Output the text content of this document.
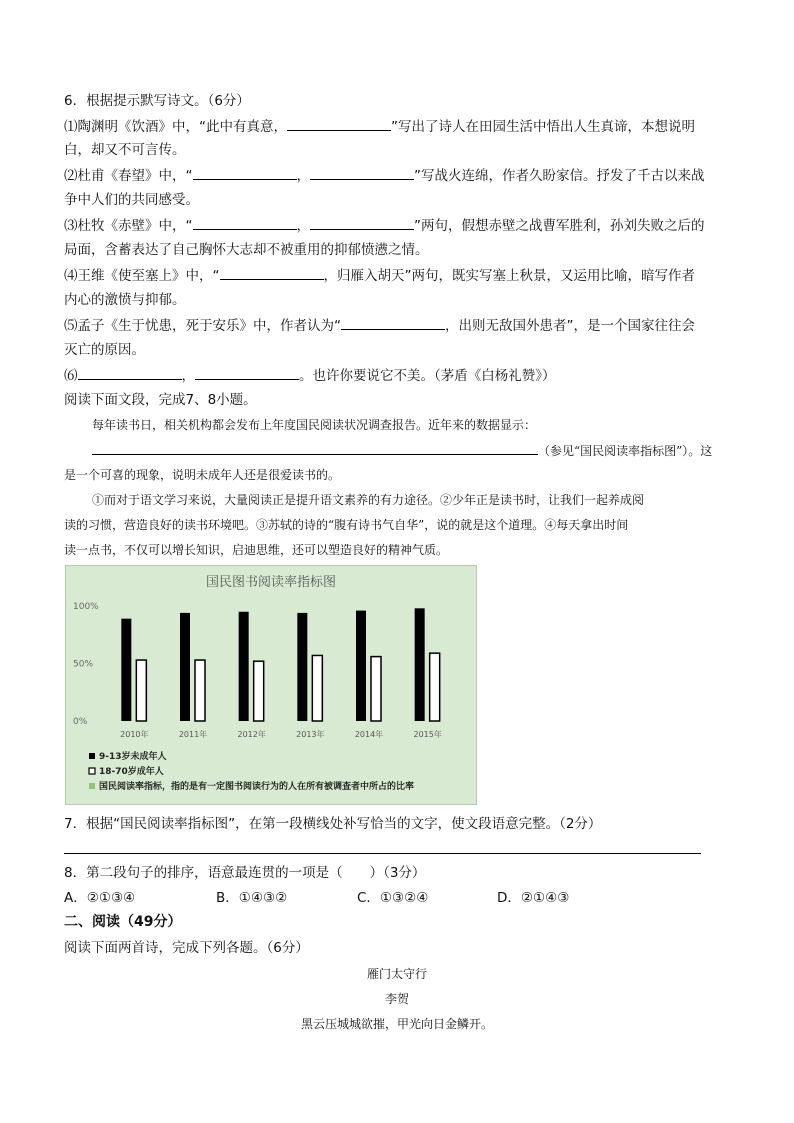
6．根据提示默写诗文。（6分）
⑴陶渊明《饮酒》中，“此中有真意，	”写出了诗人在田园生活中悟出人生真谛，本想说明
白，却又不可言传。
⑵杜甫《春望》中，“	，	”写战火连绵，作者久盼家信。抒发了千古以来战
争中人们的共同感受。
⑶杜牧《赤壁》中，“	，	”两句，假想赤壁之战曹军胜利，孙刘失败之后的
局面，含蓄表达了自己胸怀大志却不被重用的抑郁愤懑之情。
⑷王维《使至塞上》中，“	，归雁入胡天”两句，既实写塞上秋景，又运用比喻，暗写作者
内心的激愤与抑郁。
⑸孟子《生于忧患，死于安乐》中，作者认为“	，出则无敌国外患者”，是一个国家往往会
灭亡的原因。
⑹	，	。也许你要说它不美。（茅盾《白杨礼赞》）
阅读下面文段，完成7、8小题。
每年读书日，相关机构都会发布上年度国民阅读状况调查报告。近年来的数据显示：
（参见“国民阅读率指标图”）。这
是一个可喜的现象，说明未成年人还是很爱读书的。
①而对于语文学习来说，大量阅读正是提升语文素养的有力途径。②少年正是读书时，让我们一起养成阅
读的习惯，营造良好的读书环境吧。③苏轼的诗的“腹有诗书气自华”，说的就是这个道理。④每天拿出时间
读一点书，不仅可以增长知识，启迪思维，还可以塑造良好的精神气质。
国民图书阅读率指标图
0%
50%
100%
2010年	2011年	2012年	2013年	2014年	2015年
9-13岁未成年人
18-70岁成年人
国民阅读率指标，指的是有一定图书阅读行为的人在所有被调查者中所占的比率
7．根据“国民阅读率指标图”，在第一段横线处补写恰当的文字，使文段语意完整。（2分）
8．第二段句子的排序，语意最连贯的一项是（　　）（3分）
A．②①③④	B．①④③②	C．①③②④	D．②①④③
二、阅读（49分）
阅读下面两首诗，完成下列各题。（6分）
雁门太守行
李贺
黑云压城城欲摧，甲光向日金鳞开。
